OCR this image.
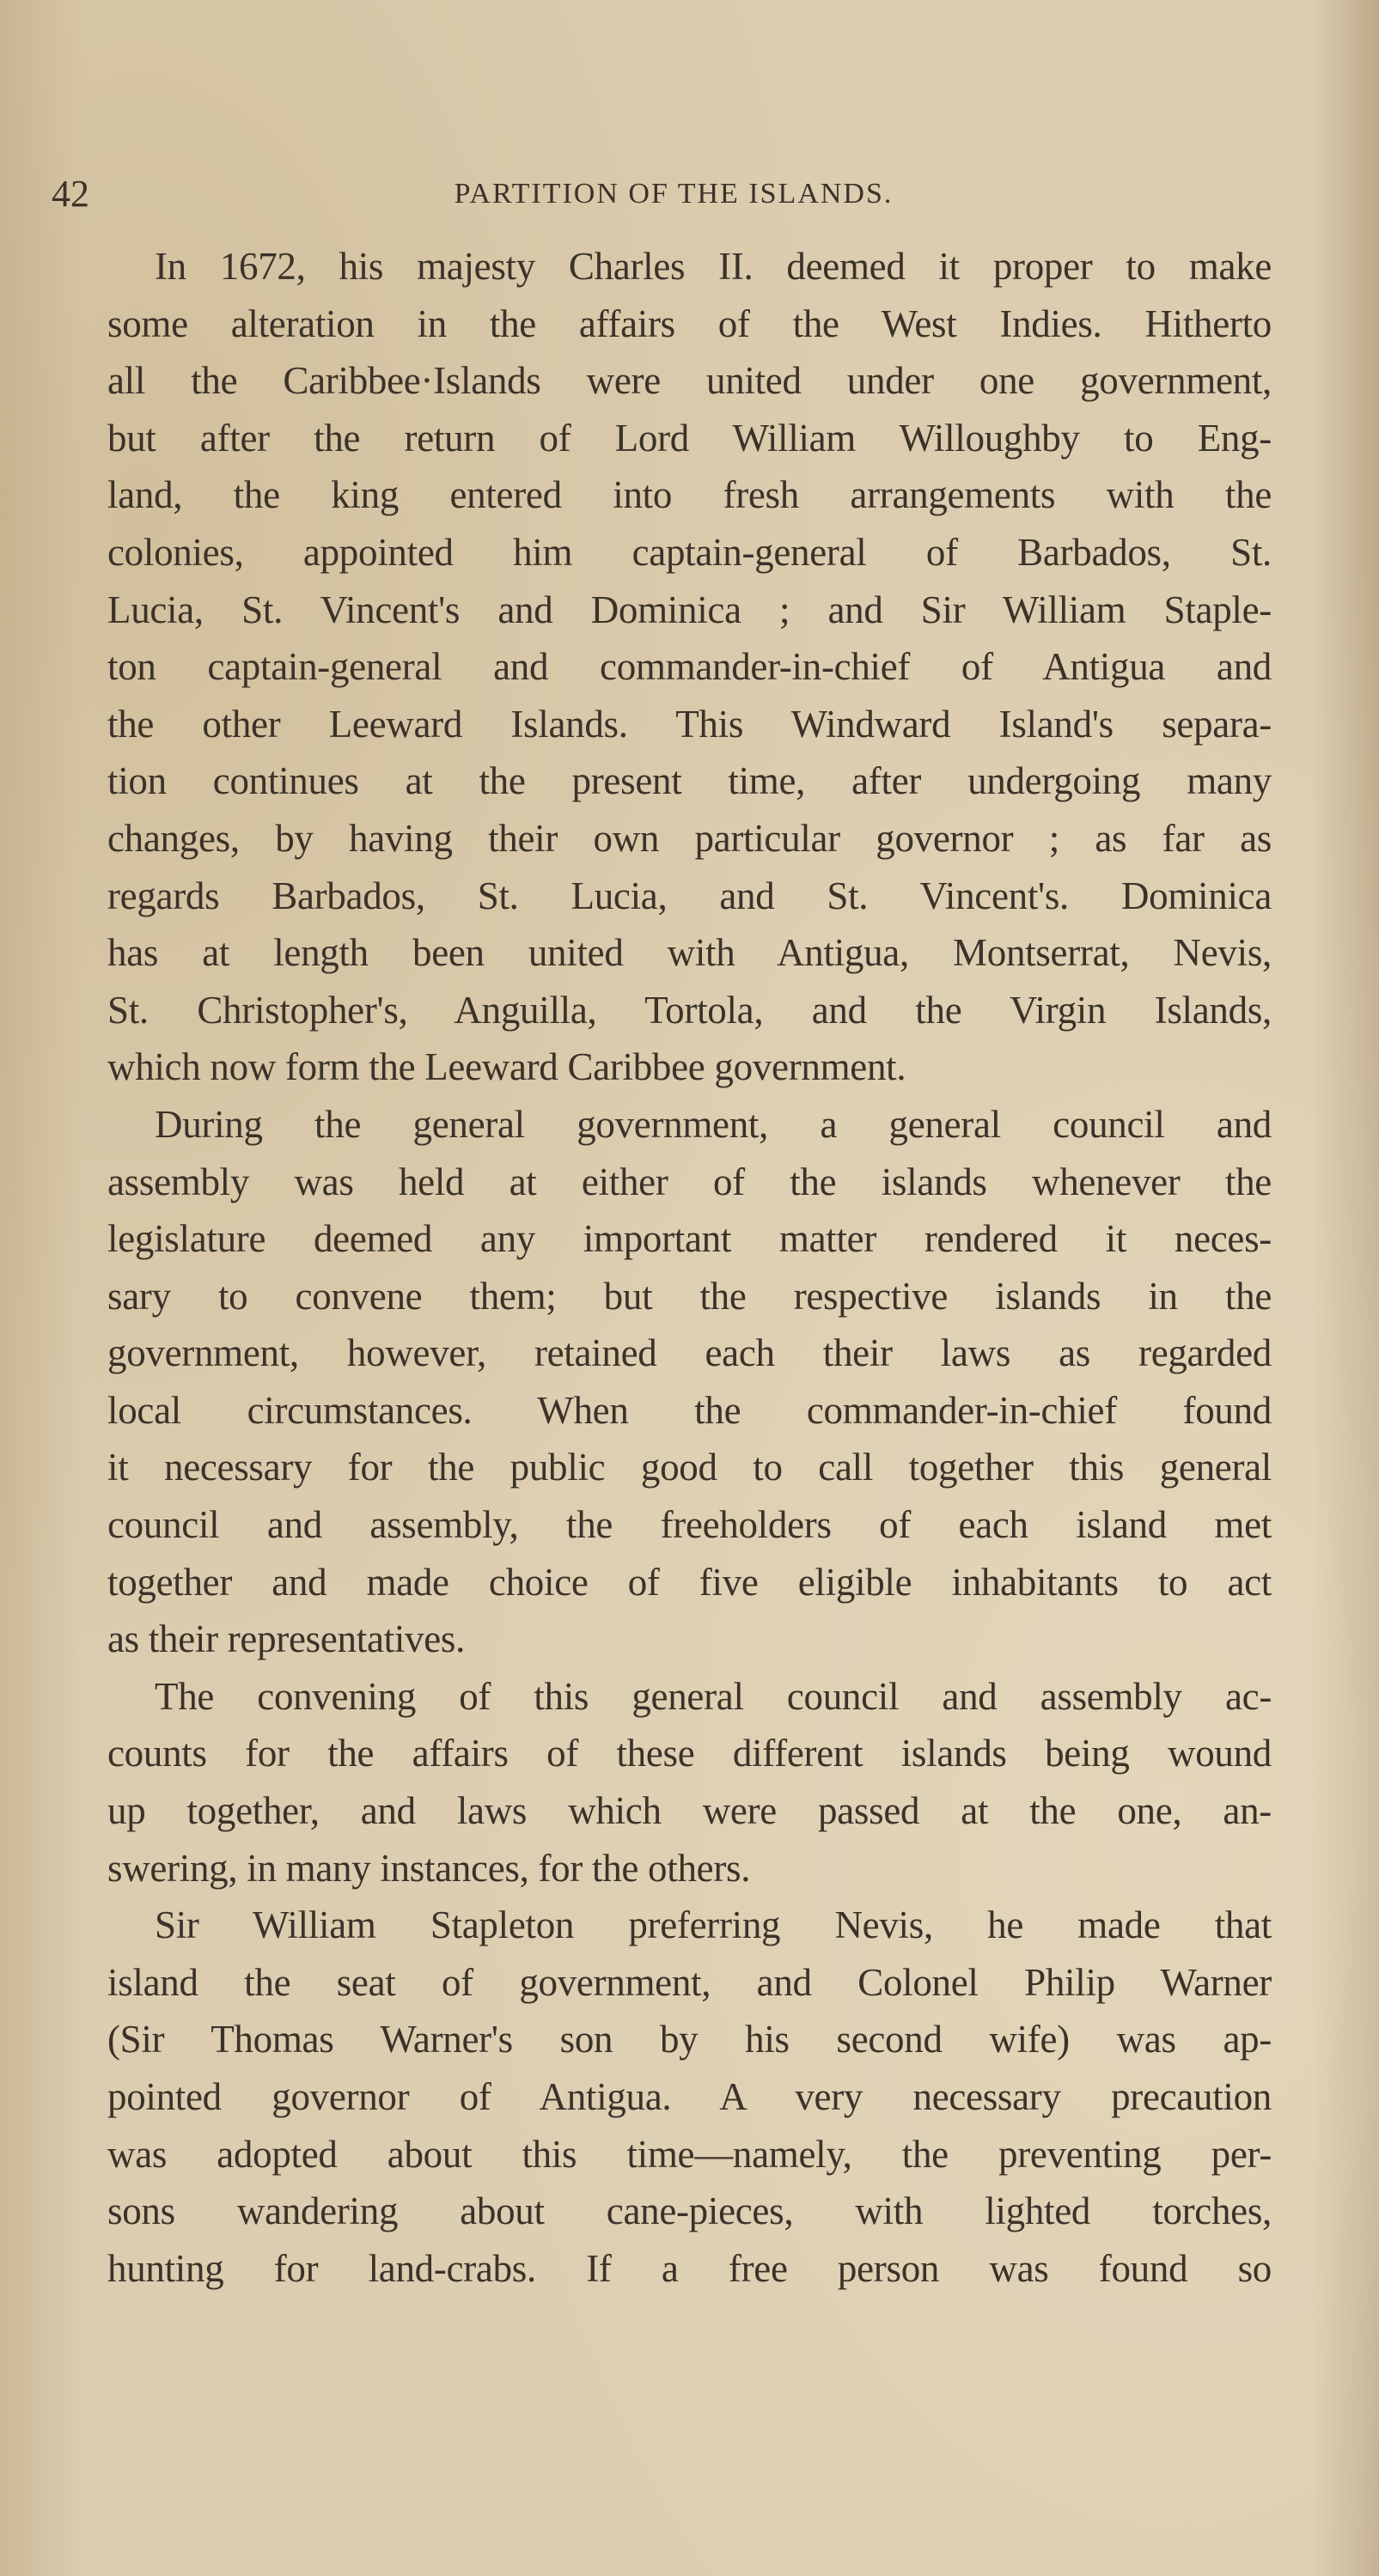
42	PARTITION OF THE ISLANDS.
In 1672, his majesty Charles II. deemed it proper to make
some alteration in the affairs of the West Indies. Hitherto
all the Caribbee·Islands were united under one government,
but after the return of Lord William Willoughby to Eng-
land, the king entered into fresh arrangements with the
colonies, appointed him captain-general of Barbados, St.
Lucia, St. Vincent's and Dominica ; and Sir William Staple-
ton captain-general and commander-in-chief of Antigua and
the other Leeward Islands. This Windward Island's separa-
tion continues at the present time, after undergoing many
changes, by having their own particular governor ; as far as
regards Barbados, St. Lucia, and St. Vincent's. Dominica
has at length been united with Antigua, Montserrat, Nevis,
St. Christopher's, Anguilla, Tortola, and the Virgin Islands,
which now form the Leeward Caribbee government.
During the general government, a general council and
assembly was held at either of the islands whenever the
legislature deemed any important matter rendered it neces-
sary to convene them; but the respective islands in the
government, however, retained each their laws as regarded
local circumstances. When the commander-in-chief found
it necessary for the public good to call together this general
council and assembly, the freeholders of each island met
together and made choice of five eligible inhabitants to act
as their representatives.
The convening of this general council and assembly ac-
counts for the affairs of these different islands being wound
up together, and laws which were passed at the one, an-
swering, in many instances, for the others.
Sir William Stapleton preferring Nevis, he made that
island the seat of government, and Colonel Philip Warner
(Sir Thomas Warner's son by his second wife) was ap-
pointed governor of Antigua. A very necessary precaution
was adopted about this time—namely, the preventing per-
sons wandering about cane-pieces, with lighted torches,
hunting for land-crabs. If a free person was found so
